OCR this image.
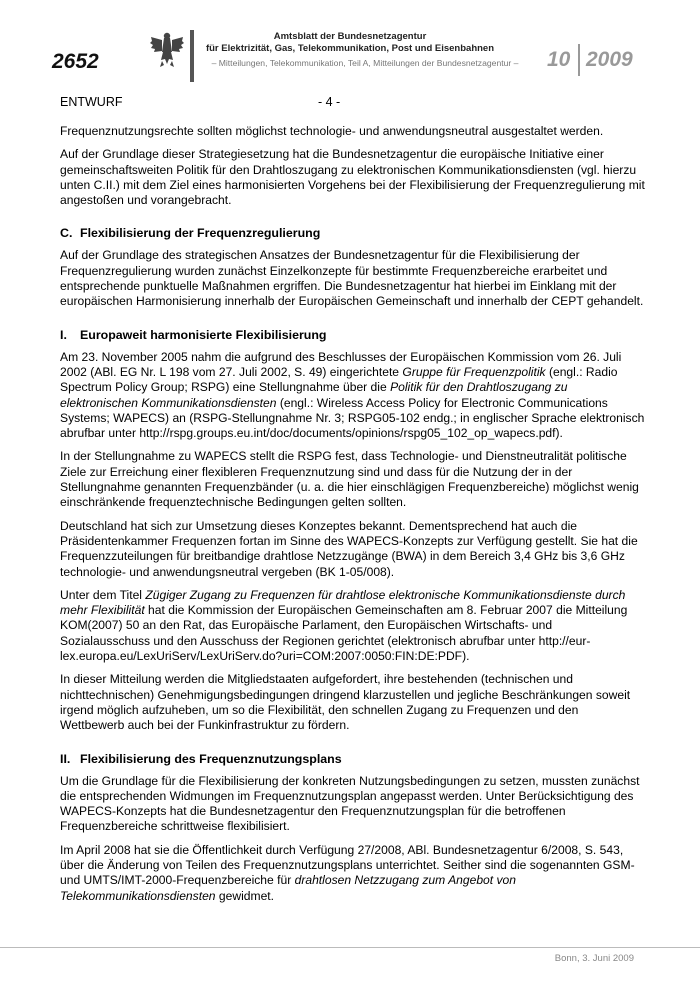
2652
Amtsblatt der Bundesnetzagentur
für Elektrizität, Gas, Telekommunikation, Post und Eisenbahnen
– Mitteilungen, Telekommunikation, Teil A, Mitteilungen der Bundesnetzagentur –	10 2009
ENTWURF	- 4 -

Frequenznutzungsrechte sollten möglichst technologie- und anwendungsneutral ausgestaltet werden.

Auf der Grundlage dieser Strategiesetzung hat die Bundesnetzagentur die europäische Initiative einer gemeinschaftsweiten Politik für den Drahtloszugang zu elektronischen Kommunikationsdiensten (vgl. hierzu unten C.II.) mit dem Ziel eines harmonisierten Vorgehens bei der Flexibilisierung der Frequenzregulierung mit angestoßen und vorangebracht.

C. Flexibilisierung der Frequenzregulierung

Auf der Grundlage des strategischen Ansatzes der Bundesnetzagentur für die Flexibilisierung der Frequenzregulierung wurden zunächst Einzelkonzepte für bestimmte Frequenzbereiche erarbeitet und entsprechende punktuelle Maßnahmen ergriffen. Die Bundesnetzagentur hat hierbei im Einklang mit der europäischen Harmonisierung innerhalb der Europäischen Gemeinschaft und innerhalb der CEPT gehandelt.

I. Europaweit harmonisierte Flexibilisierung

Am 23. November 2005 nahm die aufgrund des Beschlusses der Europäischen Kommission vom 26. Juli 2002 (ABl. EG Nr. L 198 vom 27. Juli 2002, S. 49) eingerichtete Gruppe für Frequenzpolitik (engl.: Radio Spectrum Policy Group; RSPG) eine Stellungnahme über die Politik für den Drahtloszugang zu elektronischen Kommunikationsdiensten (engl.: Wireless Access Policy for Electronic Communications Systems; WAPECS) an (RSPG-Stellungnahme Nr. 3; RSPG05-102 endg.; in englischer Sprache elektronisch abrufbar unter http://rspg.groups.eu.int/doc/documents/opinions/rspg05_102_op_wapecs.pdf).

In der Stellungnahme zu WAPECS stellt die RSPG fest, dass Technologie- und Dienstneutralität politische Ziele zur Erreichung einer flexibleren Frequenznutzung sind und dass für die Nutzung der in der Stellungnahme genannten Frequenzbänder (u. a. die hier einschlägigen Frequenzbereiche) möglichst wenig einschränkende frequenztechnische Bedingungen gelten sollten.

Deutschland hat sich zur Umsetzung dieses Konzeptes bekannt. Dementsprechend hat auch die Präsidentenkammer Frequenzen fortan im Sinne des WAPECS-Konzepts zur Verfügung gestellt. Sie hat die Frequenzzuteilungen für breitbandige drahtlose Netzzugänge (BWA) in dem Bereich 3,4 GHz bis 3,6 GHz technologie- und anwendungsneutral vergeben (BK 1-05/008).

Unter dem Titel Zügiger Zugang zu Frequenzen für drahtlose elektronische Kommunikationsdienste durch mehr Flexibilität hat die Kommission der Europäischen Gemeinschaften am 8. Februar 2007 die Mitteilung KOM(2007) 50 an den Rat, das Europäische Parlament, den Europäischen Wirtschafts- und Sozialausschuss und den Ausschuss der Regionen gerichtet (elektronisch abrufbar unter http://eur-lex.europa.eu/LexUriServ/LexUriServ.do?uri=COM:2007:0050:FIN:DE:PDF).

In dieser Mitteilung werden die Mitgliedstaaten aufgefordert, ihre bestehenden (technischen und nichttechnischen) Genehmigungsbedingungen dringend klarzustellen und jegliche Beschränkungen soweit irgend möglich aufzuheben, um so die Flexibilität, den schnellen Zugang zu Frequenzen und den Wettbewerb auch bei der Funkinfrastruktur zu fördern.

II. Flexibilisierung des Frequenznutzungsplans

Um die Grundlage für die Flexibilisierung der konkreten Nutzungsbedingungen zu setzen, mussten zunächst die entsprechenden Widmungen im Frequenznutzungsplan angepasst werden. Unter Berücksichtigung des WAPECS-Konzepts hat die Bundesnetzagentur den Frequenznutzungsplan für die betroffenen Frequenzbereiche schrittweise flexibilisiert.

Im April 2008 hat sie die Öffentlichkeit durch Verfügung 27/2008, ABl. Bundesnetzagentur 6/2008, S. 543, über die Änderung von Teilen des Frequenznutzungsplans unterrichtet. Seither sind die sogenannten GSM- und UMTS/IMT-2000-Frequenzbereiche für drahtlosen Netzzugang zum Angebot von Telekommunikationsdiensten gewidmet.

Bonn, 3. Juni 2009
